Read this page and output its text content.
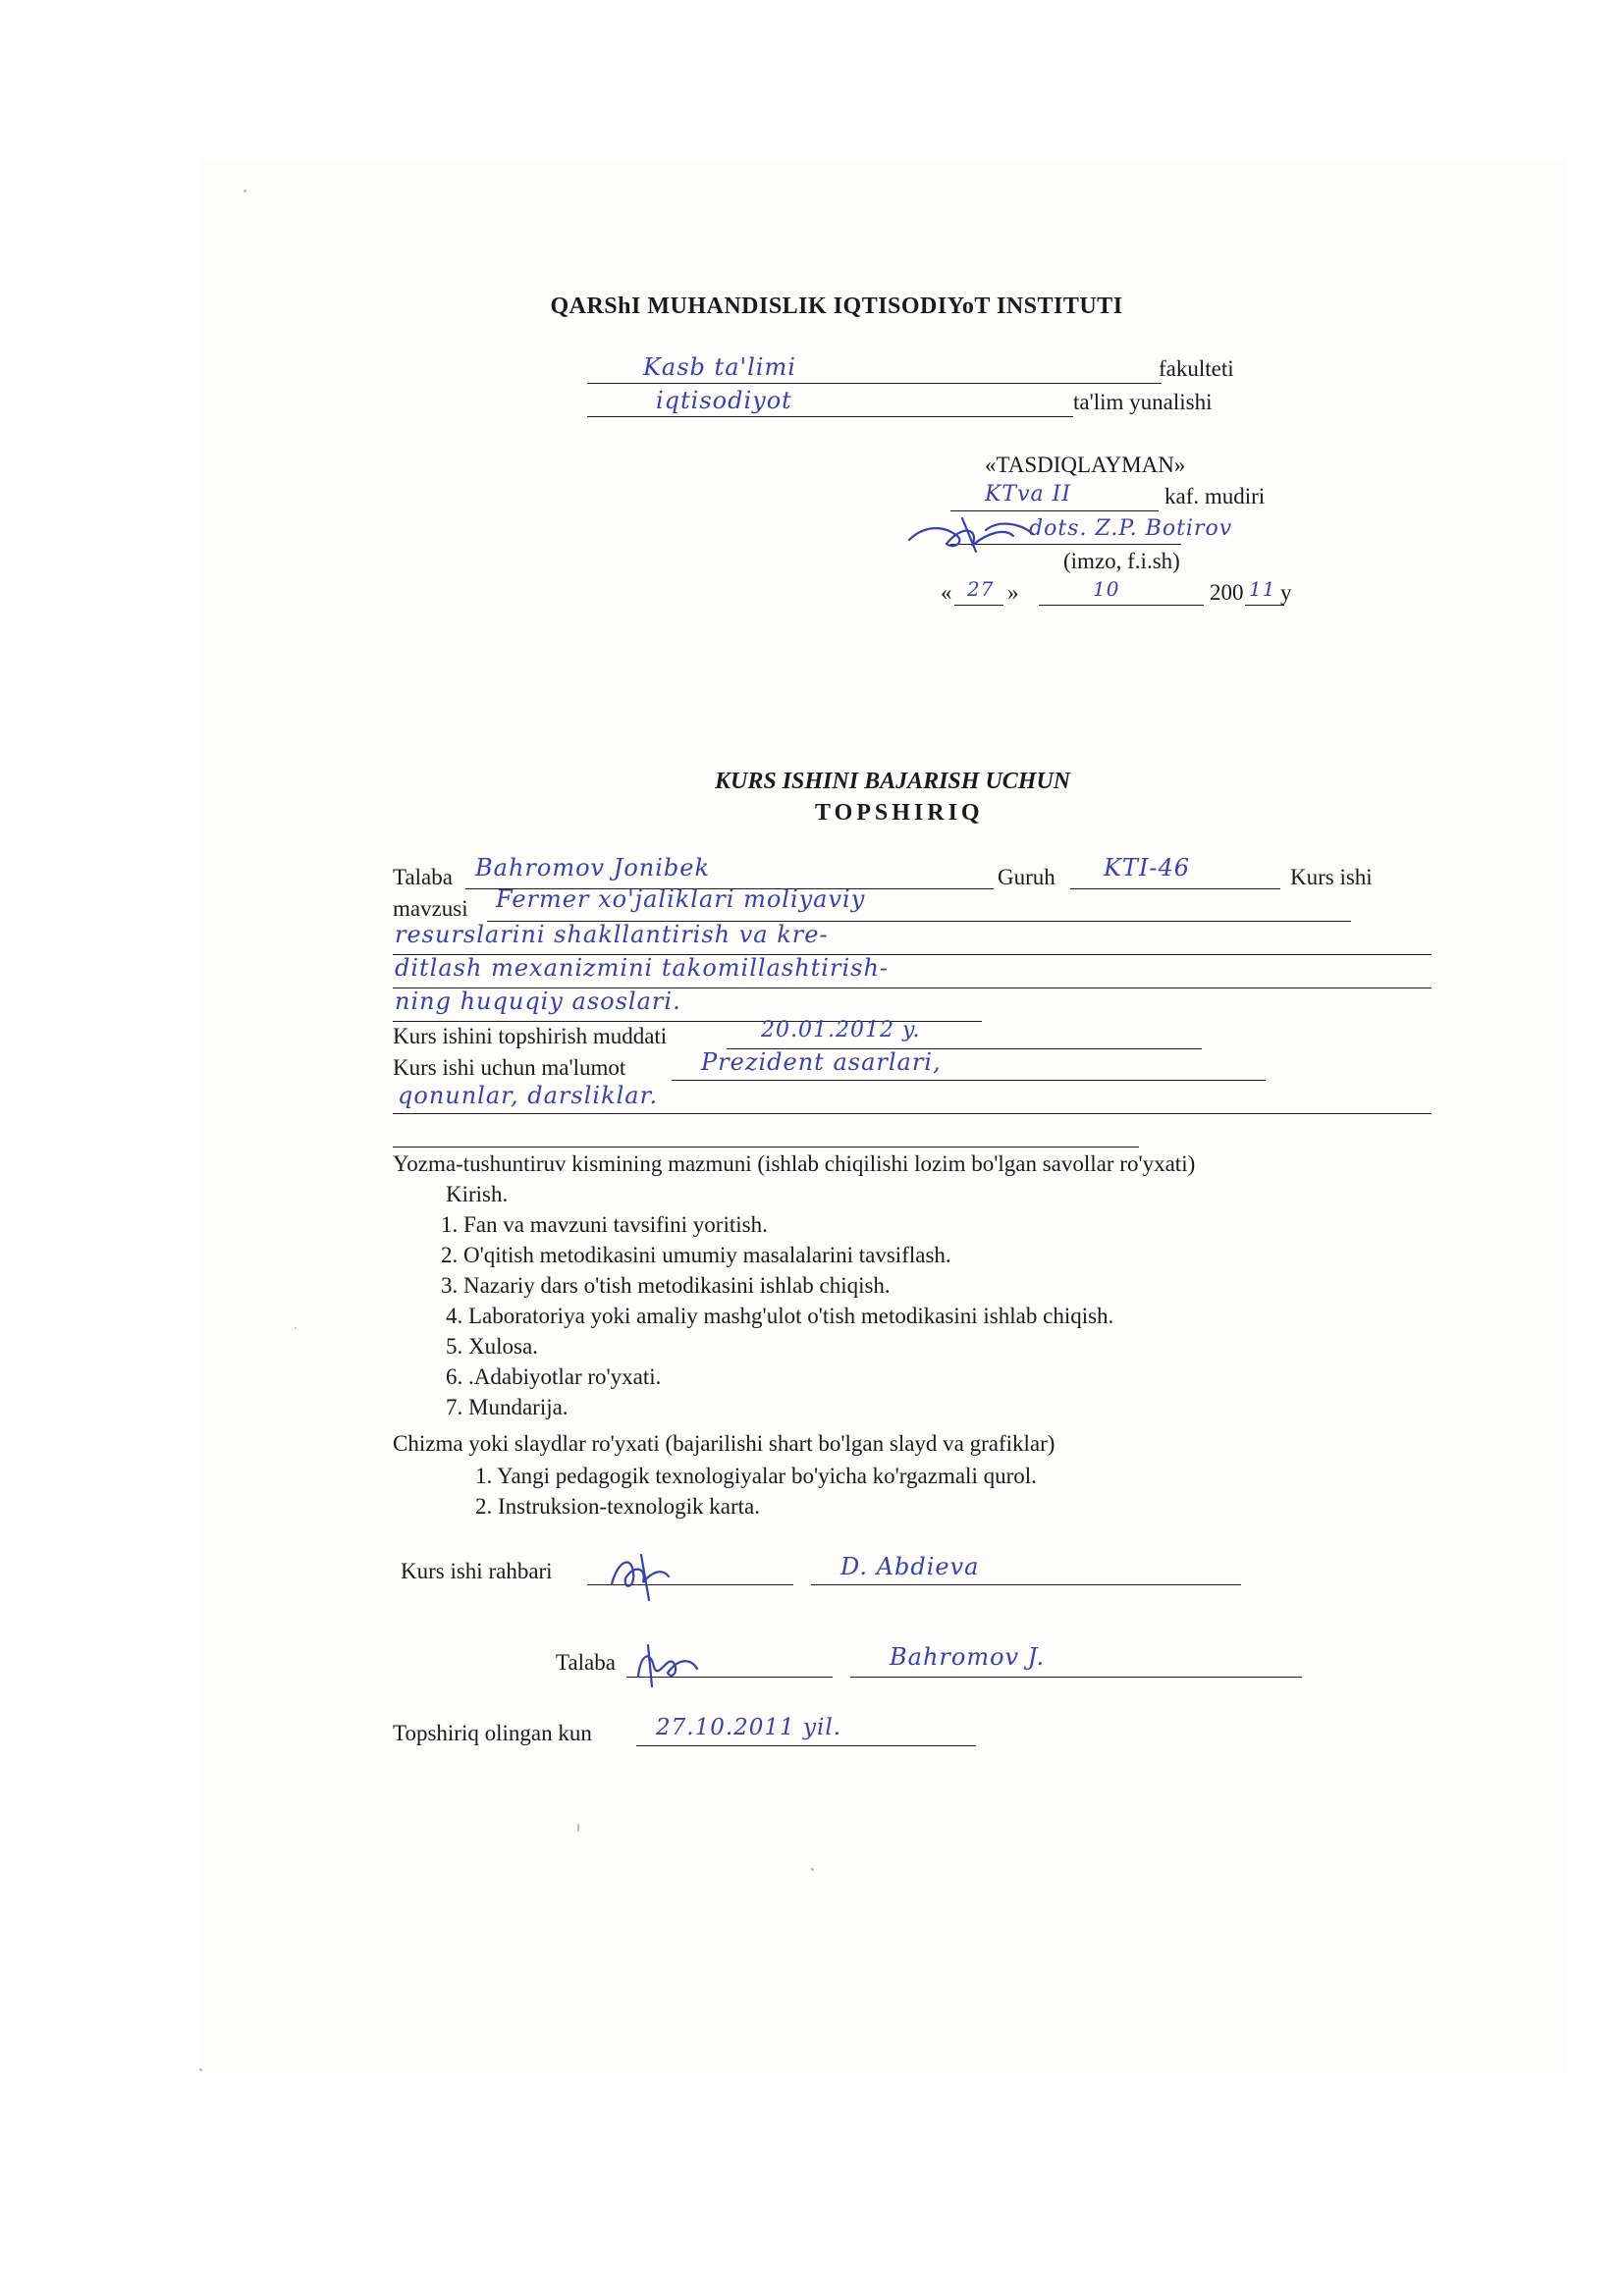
QARShI MUHANDISLIK IQTISODIYoT INSTITUTI
Kasb ta'limi	fakulteti
iqtisodiyot	ta'lim yunalishi
«TASDIQLAYMAN»
KTva II	kaf. mudiri
dots. Z.P. Botirov
(imzo, f.i.sh)
« 27 »	10	200 11 y
KURS ISHINI BAJARISH UCHUN
TOPSHIRIQ
Talaba Bahromov Jonibek	Guruh KTI-46	Kurs ishi
mavzusi Fermer xo'jaliklari moliyaviy
resurslarini shakllantirish va kre-
ditlash mexanizmini takomillashtirish-
ning huquqiy asoslari.
Kurs ishini topshirish muddati	20.01.2012 y.
Kurs ishi uchun ma'lumot	Prezident asarlari,
qonunlar, darsliklar.
Yozma-tushuntiruv kismining mazmuni (ishlab chiqilishi lozim bo'lgan savollar ro'yxati)
Kirish.
1. Fan va mavzuni tavsifini yoritish.
2. O'qitish metodikasini umumiy masalalarini tavsiflash.
3. Nazariy dars o'tish metodikasini ishlab chiqish.
4. Laboratoriya yoki amaliy mashg'ulot o'tish metodikasini ishlab chiqish.
5. Xulosa.
6. .Adabiyotlar ro'yxati.
7. Mundarija.
Chizma yoki slaydlar ro'yxati (bajarilishi shart bo'lgan slayd va grafiklar)
1. Yangi pedagogik texnologiyalar bo'yicha ko'rgazmali qurol.
2. Instruksion-texnologik karta.
Kurs ishi rahbari	D. Abdieva
Talaba	Bahromov J.
Topshiriq olingan kun	27.10.2011 yil.
